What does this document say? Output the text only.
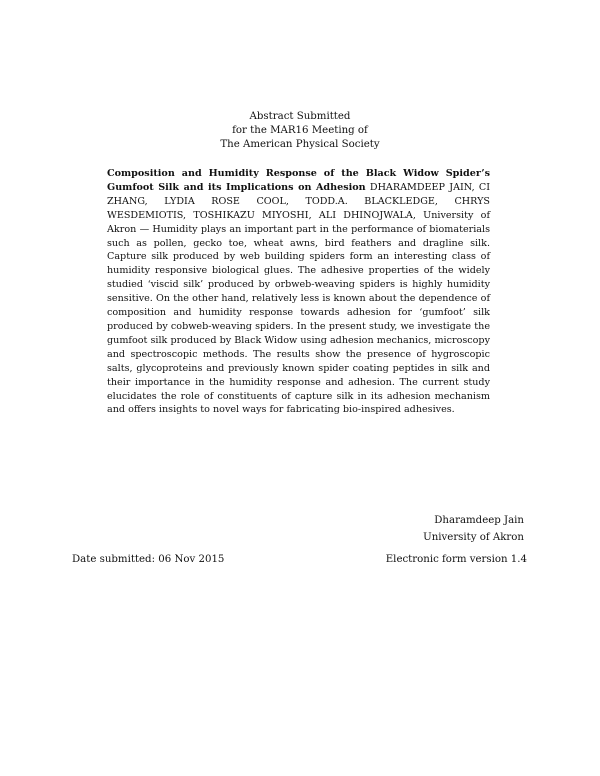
Abstract Submitted
for the MAR16 Meeting of
The American Physical Society
Composition and Humidity Response of the Black Widow Spider’s Gumfoot Silk and its Implications on Adhesion DHARAMDEEP JAIN, CI ZHANG, LYDIA ROSE COOL, TODD.A. BLACKLEDGE, CHRYS WESDEMIOTIS, TOSHIKAZU MIYOSHI, ALI DHINOJWALA, University of Akron — Humidity plays an important part in the performance of biomaterials such as pollen, gecko toe, wheat awns, bird feathers and dragline silk. Capture silk produced by web building spiders form an interesting class of humidity responsive biological glues. The adhesive properties of the widely studied ‘viscid silk’ produced by orbweb-weaving spiders is highly humidity sensitive. On the other hand, relatively less is known about the dependence of composition and humidity response towards adhesion for ‘gumfoot’ silk produced by cobweb-weaving spiders. In the present study, we investigate the gumfoot silk produced by Black Widow using adhesion mechanics, microscopy and spectroscopic methods. The results show the presence of hygroscopic salts, glycoproteins and previously known spider coating peptides in silk and their importance in the humidity response and adhesion. The current study elucidates the role of constituents of capture silk in its adhesion mechanism and offers insights to novel ways for fabricating bio-inspired adhesives.
Dharamdeep Jain
University of Akron
Date submitted: 06 Nov 2015	Electronic form version 1.4
